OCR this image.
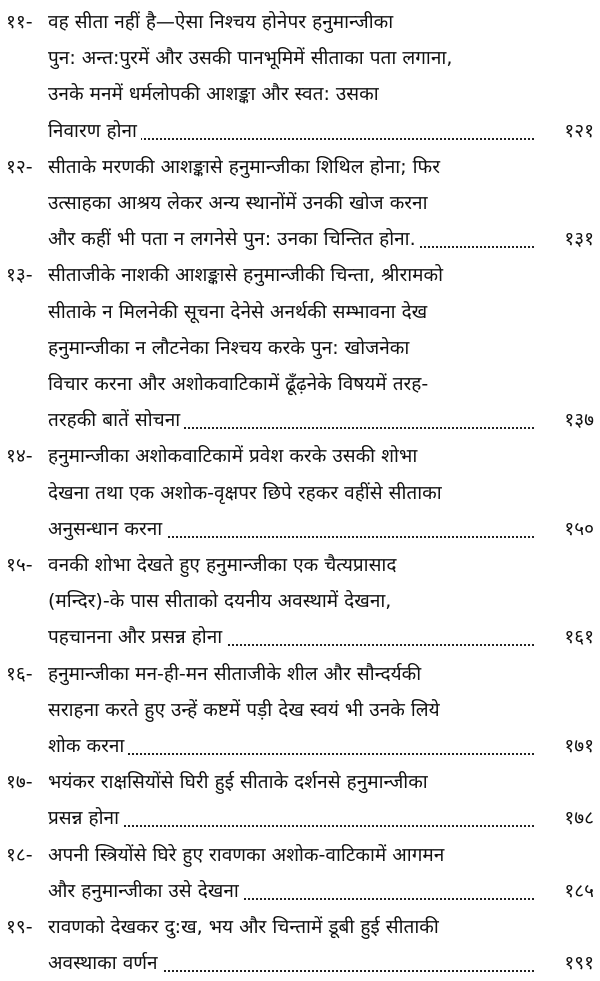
११- वह सीता नहीं है—ऐसा निश्चय होनेपर हनुमान्जीका
पुन: अन्त:पुरमें और उसकी पानभूमिमें सीताका पता लगाना,
उनके मनमें धर्मलोपकी आशङ्का और स्वत: उसका
निवारण होना	१२१
१२- सीताके मरणकी आशङ्कासे हनुमान्जीका शिथिल होना; फिर
उत्साहका आश्रय लेकर अन्य स्थानोंमें उनकी खोज करना
और कहीं भी पता न लगनेसे पुन: उनका चिन्तित होना.	१३१
१३- सीताजीके नाशकी आशङ्कासे हनुमान्जीकी चिन्ता, श्रीरामको
सीताके न मिलनेकी सूचना देनेसे अनर्थकी सम्भावना देख
हनुमान्जीका न लौटनेका निश्चय करके पुन: खोजनेका
विचार करना और अशोकवाटिकामें ढूँढ़नेके विषयमें तरह-
तरहकी बातें सोचना	१३७
१४- हनुमान्जीका अशोकवाटिकामें प्रवेश करके उसकी शोभा
देखना तथा एक अशोक-वृक्षपर छिपे रहकर वहींसे सीताका
अनुसन्धान करना	१५०
१५- वनकी शोभा देखते हुए हनुमान्जीका एक चैत्यप्रासाद
(मन्दिर)-के पास सीताको दयनीय अवस्थामें देखना,
पहचानना और प्रसन्न होना	१६१
१६- हनुमान्जीका मन-ही-मन सीताजीके शील और सौन्दर्यकी
सराहना करते हुए उन्हें कष्टमें पड़ी देख स्वयं भी उनके लिये
शोक करना	१७१
१७- भयंकर राक्षसियोंसे घिरी हुई सीताके दर्शनसे हनुमान्जीका
प्रसन्न होना	१७८
१८- अपनी स्त्रियोंसे घिरे हुए रावणका अशोक-वाटिकामें आगमन
और हनुमान्जीका उसे देखना	१८५
१९- रावणको देखकर दु:ख, भय और चिन्तामें डूबी हुई सीताकी
अवस्थाका वर्णन	१९१
